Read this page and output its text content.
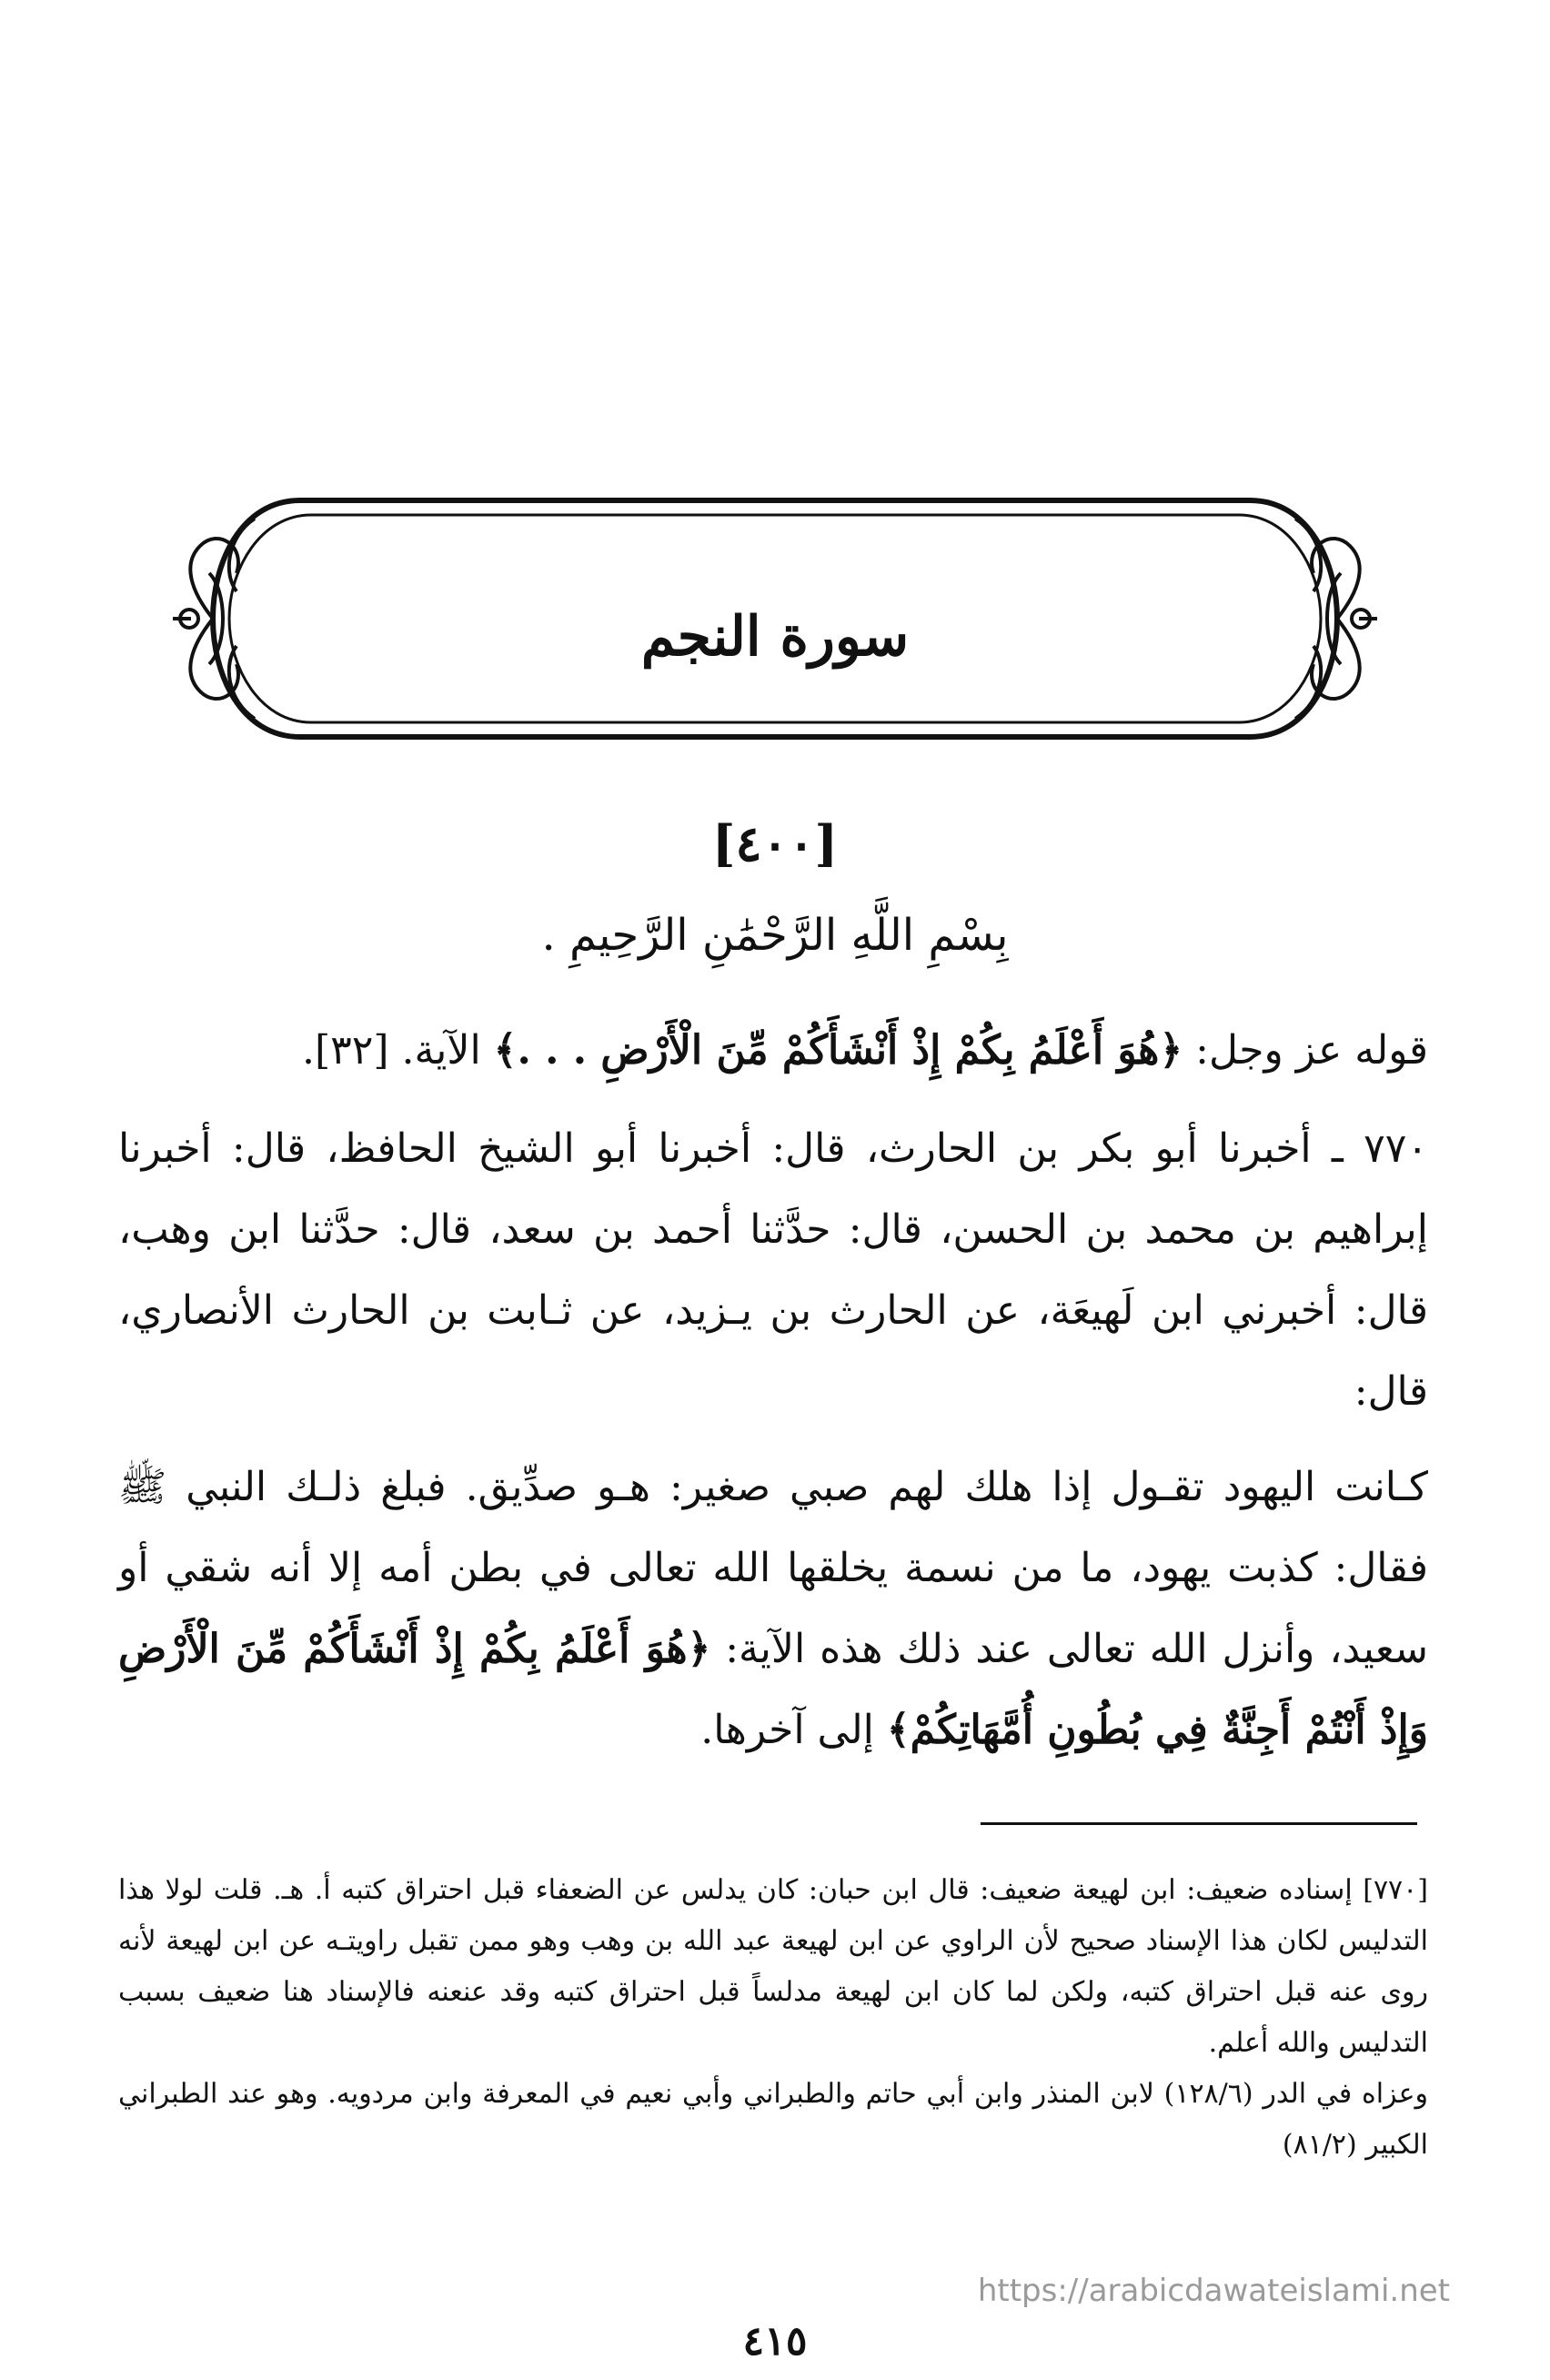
سورة النجم
[٤٠٠]
بِسْمِ اللَّهِ الرَّحْمَٰنِ الرَّحِيمِ .
قوله عز وجل: ﴿هُوَ أَعْلَمُ بِكُمْ إِذْ أَنْشَأَكُمْ مِّنَ الْأَرْضِ . . .﴾ الآية. [٣٢].
٧٧٠ ـ أخبرنا أبو بكر بن الحارث، قال: أخبرنا أبو الشيخ الحافظ، قال: أخبرنا إبراهيم بن محمد بن الحسن، قال: حدَّثنا أحمد بن سعد، قال: حدَّثنا ابن وهب، قال: أخبرني ابن لَهيعَة، عن الحارث بن يـزيد، عن ثـابت بن الحارث الأنصاري، قال:
كـانت اليهود تقـول إذا هلك لهم صبي صغير: هـو صدِّيق. فبلغ ذلـك النبي ﷺ فقال: كذبت يهود، ما من نسمة يخلقها الله تعالى في بطن أمه إلا أنه شقي أو سعيد، وأنزل الله تعالى عند ذلك هذه الآية: ﴿هُوَ أَعْلَمُ بِكُمْ إِذْ أَنْشَأَكُمْ مِّنَ الْأَرْضِ وَإِذْ أَنْتُمْ أَجِنَّةٌ فِي بُطُونِ أُمَّهَاتِكُمْ﴾ إلى آخرها.

[٧٧٠] إسناده ضعيف: ابن لهيعة ضعيف: قال ابن حبان: كان يدلس عن الضعفاء قبل احتراق كتبه أ. هـ. قلت لولا هذا التدليس لكان هذا الإسناد صحيح لأن الراوي عن ابن لهيعة عبد الله بن وهب وهو ممن تقبل راويتـه عن ابن لهيعة لأنه روى عنه قبل احتراق كتبه، ولكن لما كان ابن لهيعة مدلساً قبل احتراق كتبه وقد عنعنه فالإسناد هنا ضعيف بسبب التدليس والله أعلم.

وعزاه في الدر (١٢٨/٦) لابن المنذر وابن أبي حاتم والطبراني وأبي نعيم في المعرفة وابن مردويه. وهو عند الطبراني الكبير (٨١/٢)

https://arabicdawateislami.net
٤١٥
